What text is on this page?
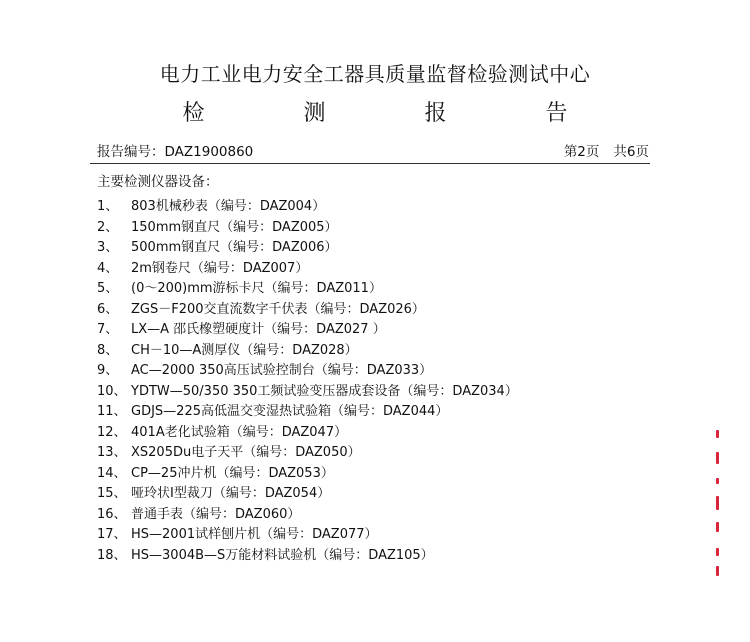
电力工业电力安全工器具质量监督检验测试中心
检 测 报 告
报告编号：DAZ1900860	第2页 共6页
主要检测仪器设备：
1、 803机械秒表（编号：DAZ004）
2、 150mm钢直尺（编号：DAZ005）
3、 500mm钢直尺（编号：DAZ006）
4、 2m钢卷尺（编号：DAZ007）
5、 (0～200)mm游标卡尺（编号：DAZ011）
6、 ZGS－F200交直流数字千伏表（编号：DAZ026）
7、 LX—A 邵氏橡塑硬度计（编号：DAZ027 ）
8、 CH－10—A测厚仪（编号：DAZ028）
9、 AC—2000 350高压试验控制台（编号：DAZ033）
10、 YDTW—50/350 350工频试验变压器成套设备（编号：DAZ034）
11、 GDJS—225高低温交变湿热试验箱（编号：DAZ044）
12、 401A老化试验箱（编号：DAZ047）
13、 XS205Du电子天平（编号：DAZ050）
14、 CP—25冲片机（编号：DAZ053）
15、 哑玲状I型裁刀（编号：DAZ054）
16、 普通手表（编号：DAZ060）
17、 HS—2001试样刨片机（编号：DAZ077）
18、 HS—3004B—S万能材料试验机（编号：DAZ105）
